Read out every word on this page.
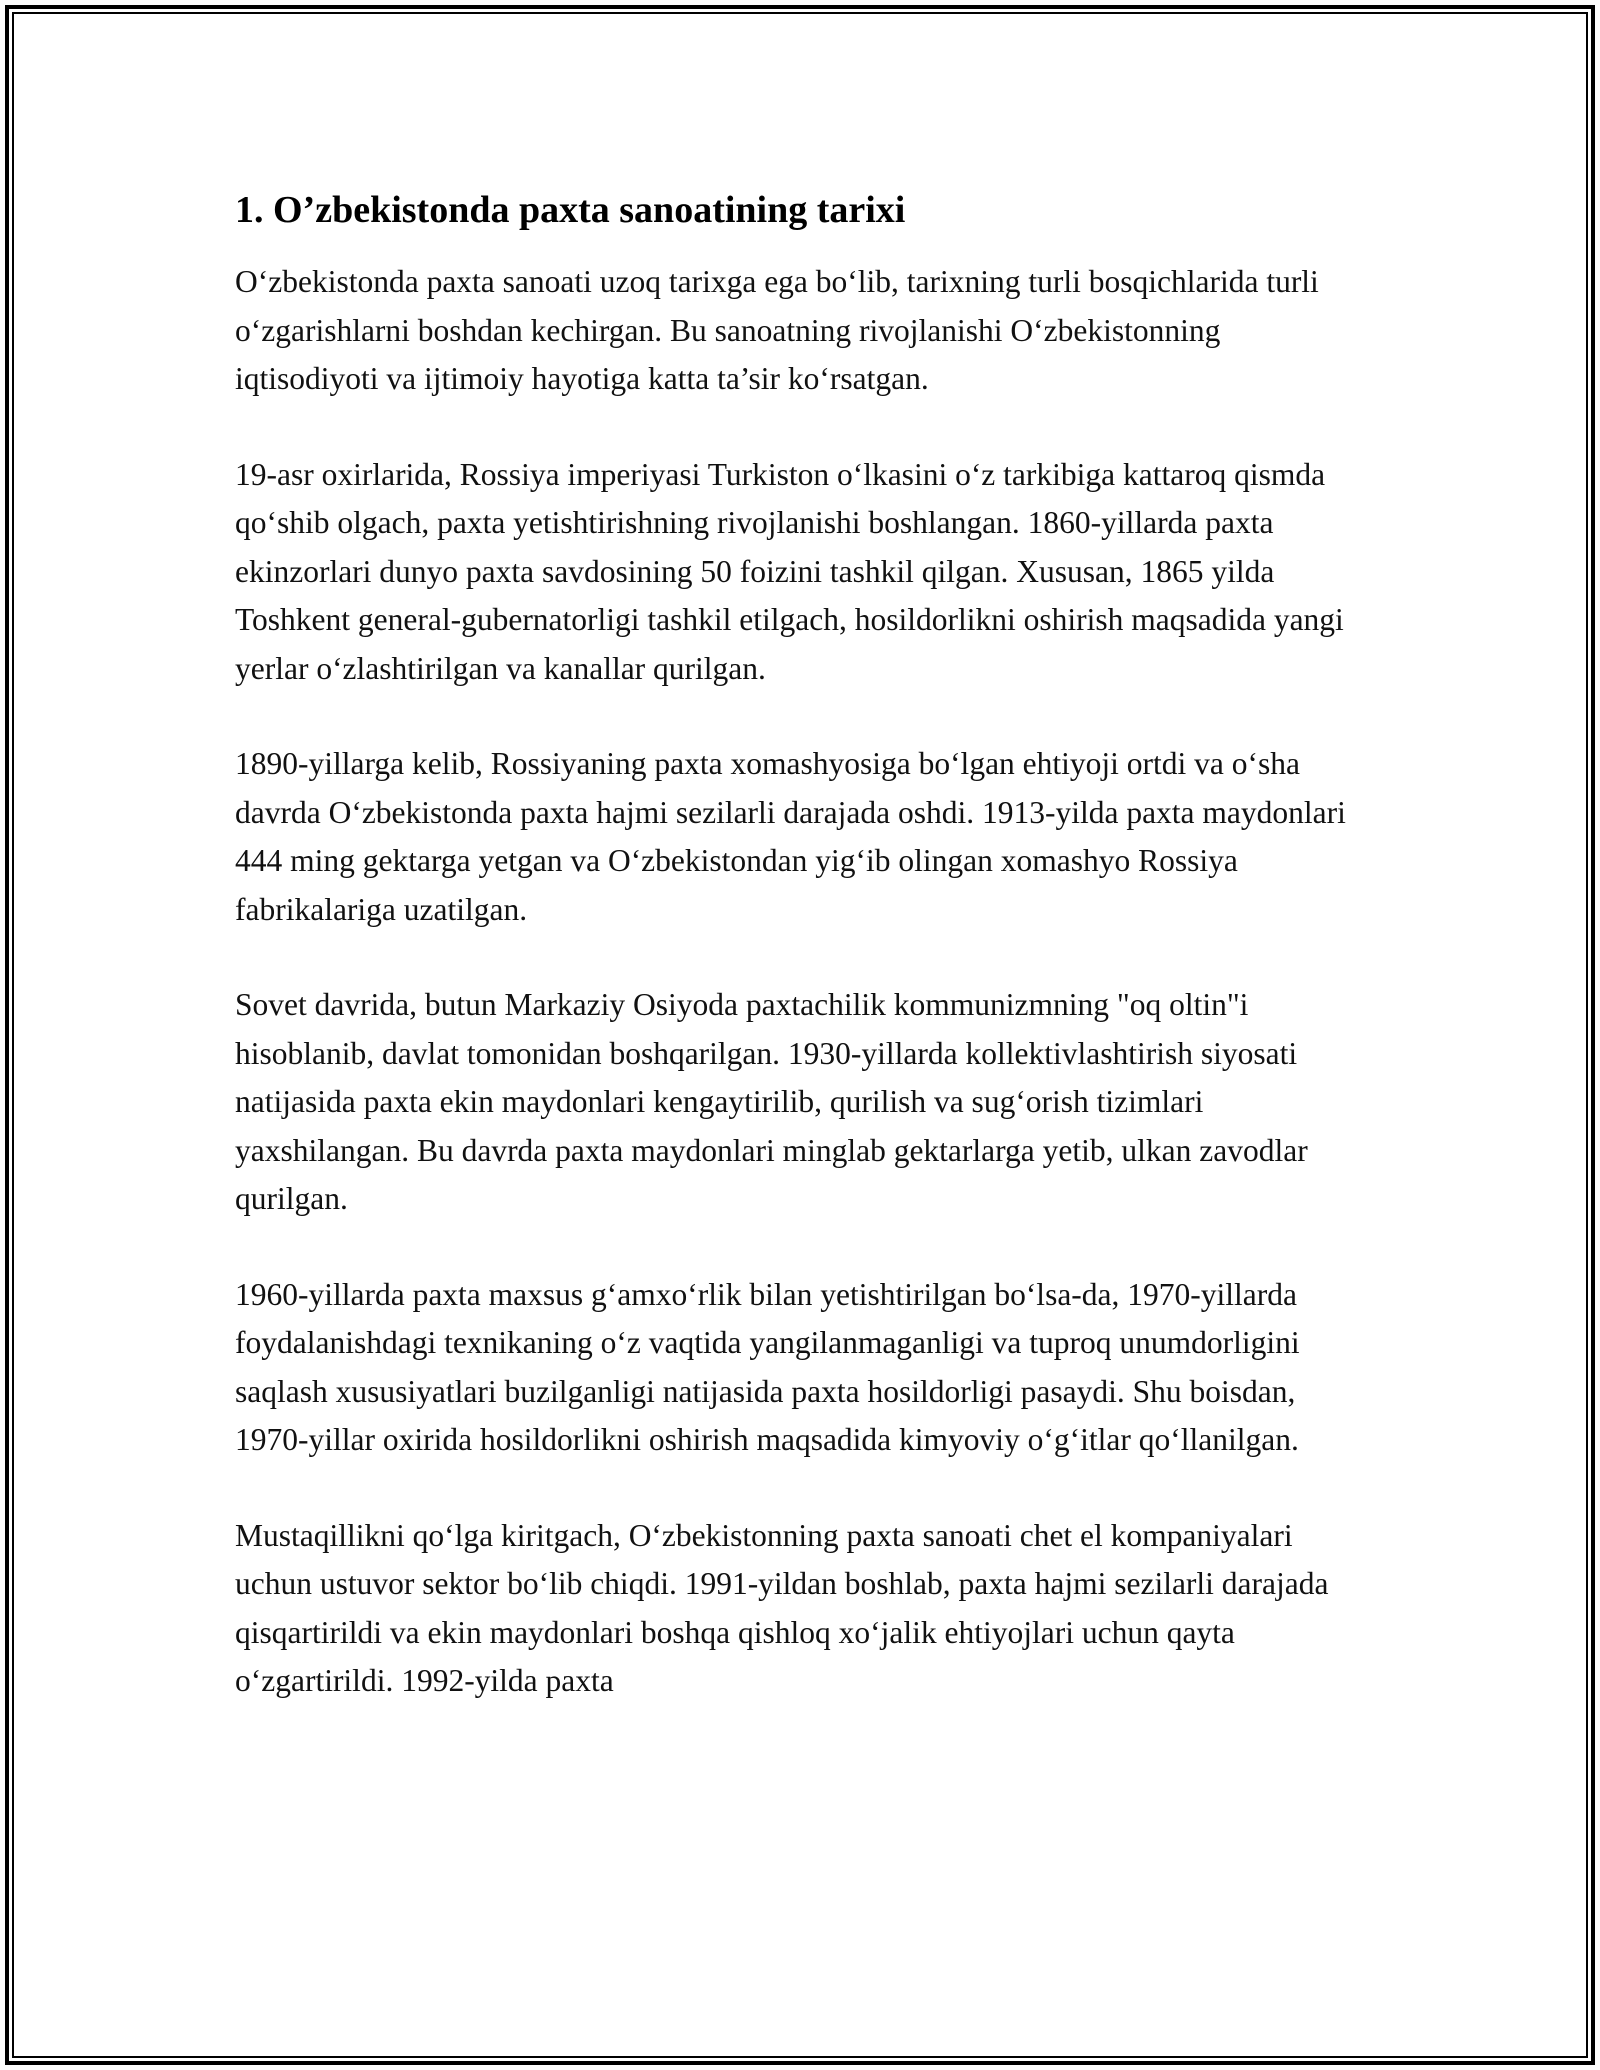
1. O’zbekistonda paxta sanoatining tarixi

O‘zbekistonda paxta sanoati uzoq tarixga ega bo‘lib, tarixning turli bosqichlarida turli o‘zgarishlarni boshdan kechirgan. Bu sanoatning rivojlanishi O‘zbekistonning iqtisodiyoti va ijtimoiy hayotiga katta ta’sir ko‘rsatgan.

19-asr oxirlarida, Rossiya imperiyasi Turkiston o‘lkasini o‘z tarkibiga kattaroq qismda qo‘shib olgach, paxta yetishtirishning rivojlanishi boshlangan. 1860-yillarda paxta ekinzorlari dunyo paxta savdosining 50 foizini tashkil qilgan. Xususan, 1865 yilda Toshkent general-gubernatorligi tashkil etilgach, hosildorlikni oshirish maqsadida yangi yerlar o‘zlashtirilgan va kanallar qurilgan.

1890-yillarga kelib, Rossiyaning paxta xomashyosiga bo‘lgan ehtiyoji ortdi va o‘sha davrda O‘zbekistonda paxta hajmi sezilarli darajada oshdi. 1913-yilda paxta maydonlari 444 ming gektarga yetgan va O‘zbekistondan yig‘ib olingan xomashyo Rossiya fabrikalariga uzatilgan.

Sovet davrida, butun Markaziy Osiyoda paxtachilik kommunizmning "oq oltin"i hisoblanib, davlat tomonidan boshqarilgan. 1930-yillarda kollektivlashtirish siyosati natijasida paxta ekin maydonlari kengaytirilib, qurilish va sug‘orish tizimlari yaxshilangan. Bu davrda paxta maydonlari minglab gektarlarga yetib, ulkan zavodlar qurilgan.

1960-yillarda paxta maxsus g‘amxo‘rlik bilan yetishtirilgan bo‘lsa-da, 1970-yillarda foydalanishdagi texnikaning o‘z vaqtida yangilanmaganligi va tuproq unumdorligini saqlash xususiyatlari buzilganligi natijasida paxta hosildorligi pasaydi. Shu boisdan, 1970-yillar oxirida hosildorlikni oshirish maqsadida kimyoviy o‘g‘itlar qo‘llanilgan.

Mustaqillikni qo‘lga kiritgach, O‘zbekistonning paxta sanoati chet el kompaniyalari uchun ustuvor sektor bo‘lib chiqdi. 1991-yildan boshlab, paxta hajmi sezilarli darajada qisqartirildi va ekin maydonlari boshqa qishloq xo‘jalik ehtiyojlari uchun qayta o‘zgartirildi. 1992-yilda paxta
